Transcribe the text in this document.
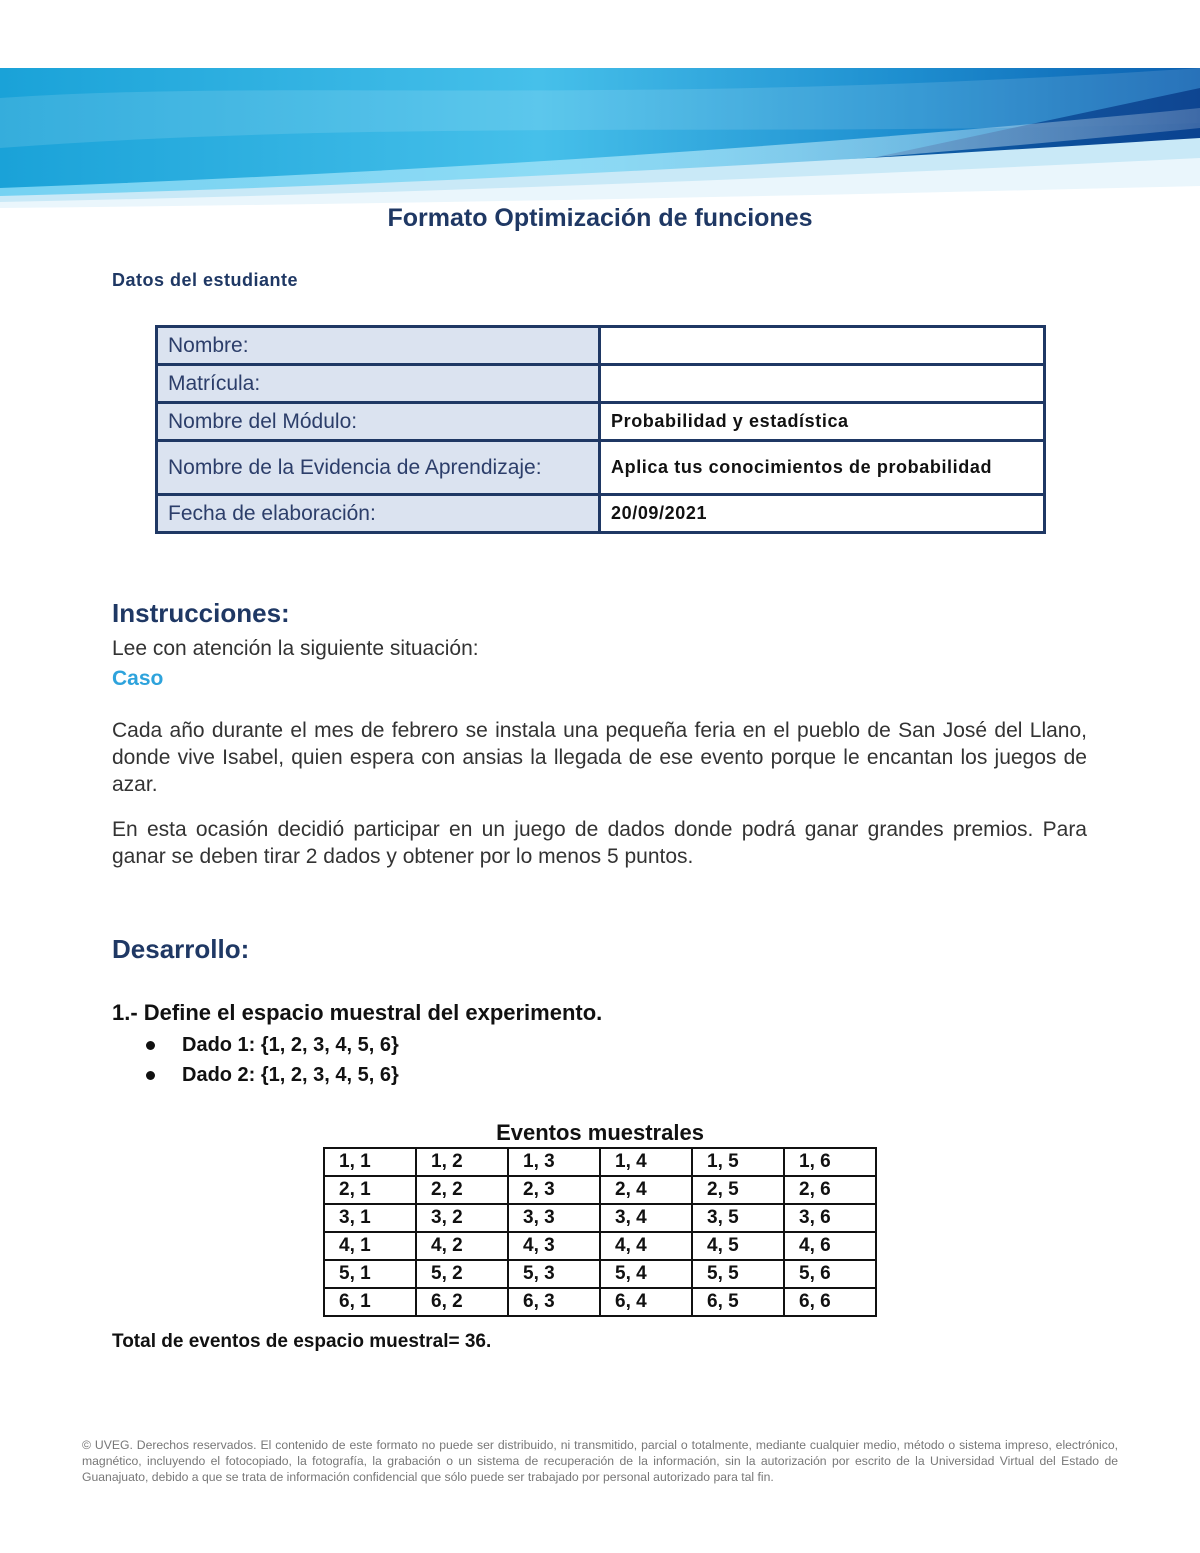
Formato Optimización de funciones
Datos del estudiante
Nombre:	
Matrícula:	
Nombre del Módulo:	Probabilidad y estadística
Nombre de la Evidencia de Aprendizaje:	Aplica tus conocimientos de probabilidad
Fecha de elaboración:	20/09/2021
Instrucciones:
Lee con atención la siguiente situación:
Caso
Cada año durante el mes de febrero se instala una pequeña feria en el pueblo de San José del Llano, donde vive Isabel, quien espera con ansias la llegada de ese evento porque le encantan los juegos de azar.
En esta ocasión decidió participar en un juego de dados donde podrá ganar grandes premios. Para ganar se deben tirar 2 dados y obtener por lo menos 5 puntos.
Desarrollo:
1.- Define el espacio muestral del experimento.
Dado 1: {1, 2, 3, 4, 5, 6}
Dado 2: {1, 2, 3, 4, 5, 6}
Eventos muestrales
1, 1	1, 2	1, 3	1, 4	1, 5	1, 6
2, 1	2, 2	2, 3	2, 4	2, 5	2, 6
3, 1	3, 2	3, 3	3, 4	3, 5	3, 6
4, 1	4, 2	4, 3	4, 4	4, 5	4, 6
5, 1	5, 2	5, 3	5, 4	5, 5	5, 6
6, 1	6, 2	6, 3	6, 4	6, 5	6, 6
Total de eventos de espacio muestral= 36.
© UVEG. Derechos reservados. El contenido de este formato no puede ser distribuido, ni transmitido, parcial o totalmente, mediante cualquier medio, método o sistema impreso, electrónico, magnético, incluyendo el fotocopiado, la fotografía, la grabación o un sistema de recuperación de la información, sin la autorización por escrito de la Universidad Virtual del Estado de Guanajuato, debido a que se trata de información confidencial que sólo puede ser trabajado por personal autorizado para tal fin.
